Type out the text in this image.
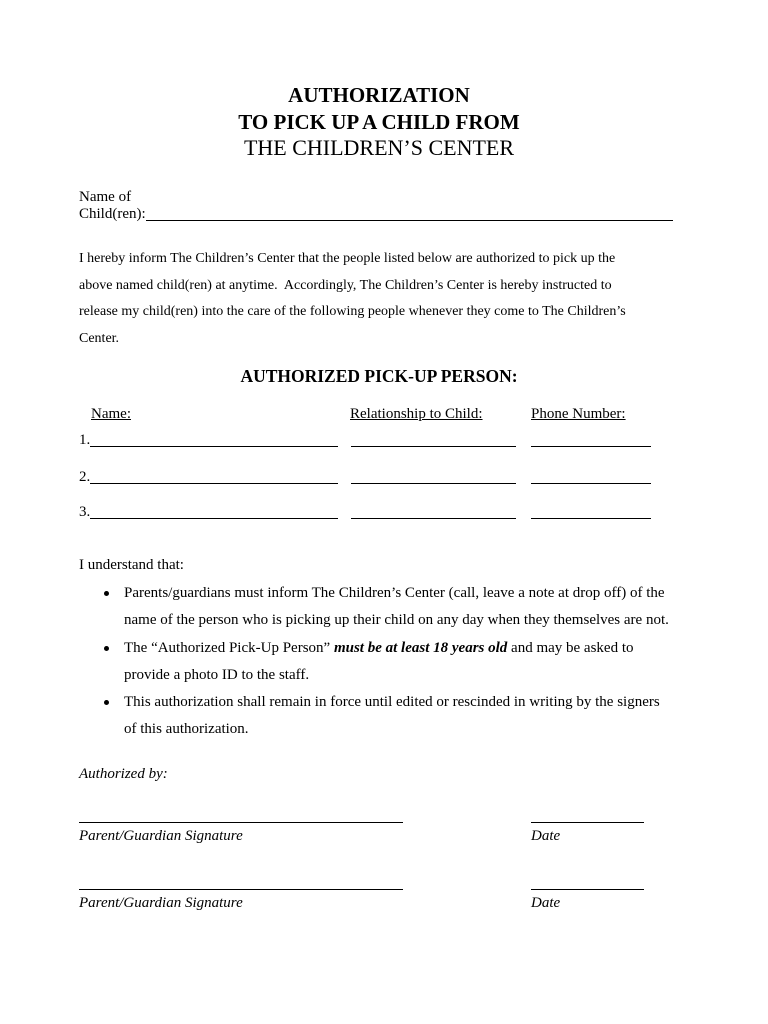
AUTHORIZATION
TO PICK UP A CHILD FROM
THE CHILDREN’S CENTER
Name of
Child(ren):
I hereby inform The Children’s Center that the people listed below are authorized to pick up the
above named child(ren) at anytime.  Accordingly, The Children’s Center is hereby instructed to
release my child(ren) into the care of the following people whenever they come to The Children’s
Center.
AUTHORIZED PICK-UP PERSON:
Name:	Relationship to Child:	Phone Number:
1.
2.
3.
I understand that:
Parents/guardians must inform The Children’s Center (call, leave a note at drop off) of the
name of the person who is picking up their child on any day when they themselves are not.
The “Authorized Pick-Up Person” must be at least 18 years old and may be asked to
provide a photo ID to the staff.
This authorization shall remain in force until edited or rescinded in writing by the signers
of this authorization.
Authorized by:
Parent/Guardian Signature	Date
Parent/Guardian Signature	Date
